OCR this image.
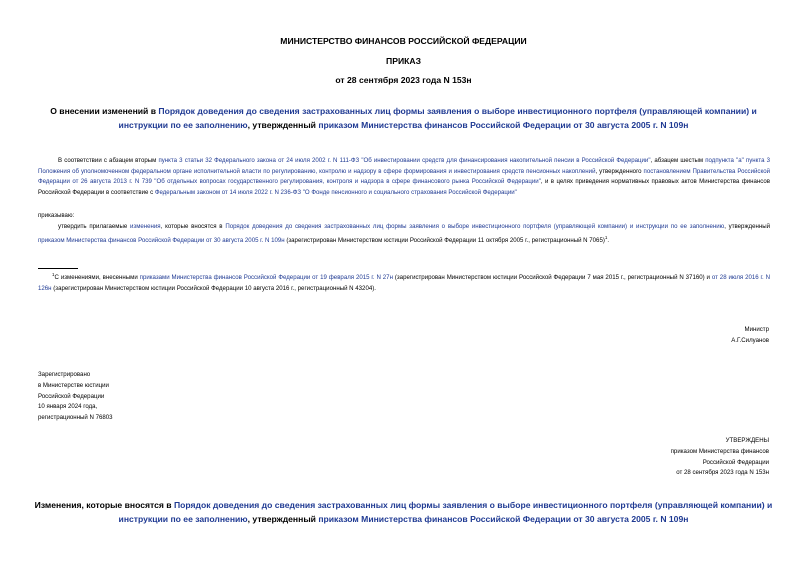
МИНИСТЕРСТВО ФИНАНСОВ РОССИЙСКОЙ ФЕДЕРАЦИИ
ПРИКАЗ
от 28 сентября 2023 года N 153н
О внесении изменений в Порядок доведения до сведения застрахованных лиц формы заявления о выборе инвестиционного портфеля (управляющей компании) и инструкции по ее заполнению, утвержденный приказом Министерства финансов Российской Федерации от 30 августа 2005 г. N 109н
В соответствии с абзацем вторым пункта 3 статьи 32 Федерального закона от 24 июля 2002 г. N 111-ФЗ "Об инвестировании средств для финансирования накопительной пенсии в Российской Федерации", абзацем шестым подпункта "а" пункта 3 Положения об уполномоченном федеральном органе исполнительной власти по регулированию, контролю и надзору в сфере формирования и инвестирования средств пенсионных накоплений, утвержденного постановлением Правительства Российской Федерации от 26 августа 2013 г. N 739 "Об отдельных вопросах государственного регулирования, контроля и надзора в сфере финансового рынка Российской Федерации", и в целях приведения нормативных правовых актов Министерства финансов Российской Федерации в соответствие с Федеральным законом от 14 июля 2022 г. N 236-ФЗ "О Фонде пенсионного и социального страхования Российской Федерации"
приказываю:
утвердить прилагаемые изменения, которые вносятся в Порядок доведения до сведения застрахованных лиц формы заявления о выборе инвестиционного портфеля (управляющей компании) и инструкции по ее заполнению, утвержденный приказом Министерства финансов Российской Федерации от 30 августа 2005 г. N 109н (зарегистрирован Министерством юстиции Российской Федерации 11 октября 2005 г., регистрационный N 7065)$^1$.
$^1$С изменениями, внесенными приказами Министерства финансов Российской Федерации от 19 февраля 2015 г. N 27н (зарегистрирован Министерством юстиции Российской Федерации 7 мая 2015 г., регистрационный N 37160) и от 28 июля 2016 г. N 126н (зарегистрирован Министерством юстиции Российской Федерации 10 августа 2016 г., регистрационный N 43204).
Министр
А.Г.Силуанов
Зарегистрировано
в Министерстве юстиции
Российской Федерации
10 января 2024 года,
регистрационный N 76803
УТВЕРЖДЕНЫ
приказом Министерства финансов
Российской Федерации
от 28 сентября 2023 года N 153н
Изменения, которые вносятся в Порядок доведения до сведения застрахованных лиц формы заявления о выборе инвестиционного портфеля (управляющей компании) и инструкции по ее заполнению, утвержденный приказом Министерства финансов Российской Федерации от 30 августа 2005 г. N 109н
